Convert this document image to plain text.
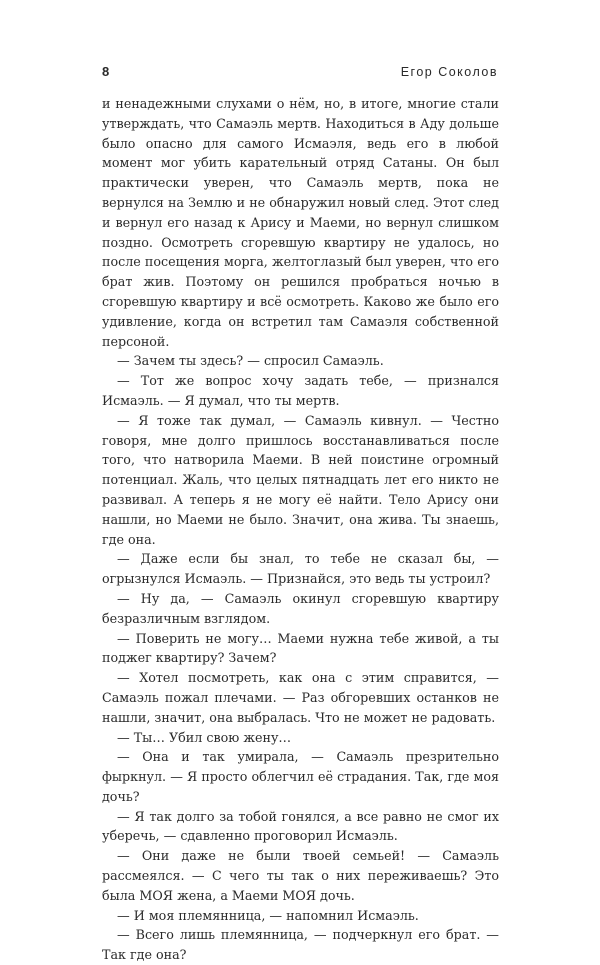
8	Егор Соколов

и ненадежными слухами о нём, но, в итоге, многие стали утверждать, что Самаэль мертв. Находиться в Аду дольше было опасно для самого Исмаэля, ведь его в любой момент мог убить карательный отряд Сатаны. Он был практически уверен, что Самаэль мертв, пока не вернулся на Землю и не обнаружил новый след. Этот след и вернул его назад к Арису и Маеми, но вернул слишком поздно. Осмотреть сгоревшую квартиру не удалось, но после посещения морга, желтоглазый был уверен, что его брат жив. Поэтому он решился пробраться ночью в сгоревшую квартиру и всё осмотреть. Каково же было его удивление, когда он встретил там Самаэля собственной персоной.

— Зачем ты здесь? — спросил Самаэль.

— Тот же вопрос хочу задать тебе, — признался Исмаэль. — Я думал, что ты мертв.

— Я тоже так думал, — Самаэль кивнул. — Честно говоря, мне долго пришлось восстанавливаться после того, что натворила Маеми. В ней поистине огромный потенциал. Жаль, что целых пятнадцать лет его никто не развивал. А теперь я не могу её найти. Тело Арису они нашли, но Маеми не было. Значит, она жива. Ты знаешь, где она.

— Даже если бы знал, то тебе не сказал бы, — огрызнулся Исмаэль. — Признайся, это ведь ты устроил?

— Ну да, — Самаэль окинул сгоревшую квартиру безразличным взглядом.

— Поверить не могу… Маеми нужна тебе живой, а ты поджег квартиру? Зачем?

— Хотел посмотреть, как она с этим справится, — Самаэль пожал плечами. — Раз обгоревших останков не нашли, значит, она выбралась. Что не может не радовать.

— Ты… Убил свою жену…

— Она и так умирала, — Самаэль презрительно фыркнул. — Я просто облегчил её страдания. Так, где моя дочь?

— Я так долго за тобой гонялся, а все равно не смог их уберечь, — сдавленно проговорил Исмаэль.

— Они даже не были твоей семьей! — Самаэль рассмеялся. — С чего ты так о них переживаешь? Это была МОЯ жена, а Маеми МОЯ дочь.

— И моя племянница, — напомнил Исмаэль.

— Всего лишь племянница, — подчеркнул его брат. — Так где она?
